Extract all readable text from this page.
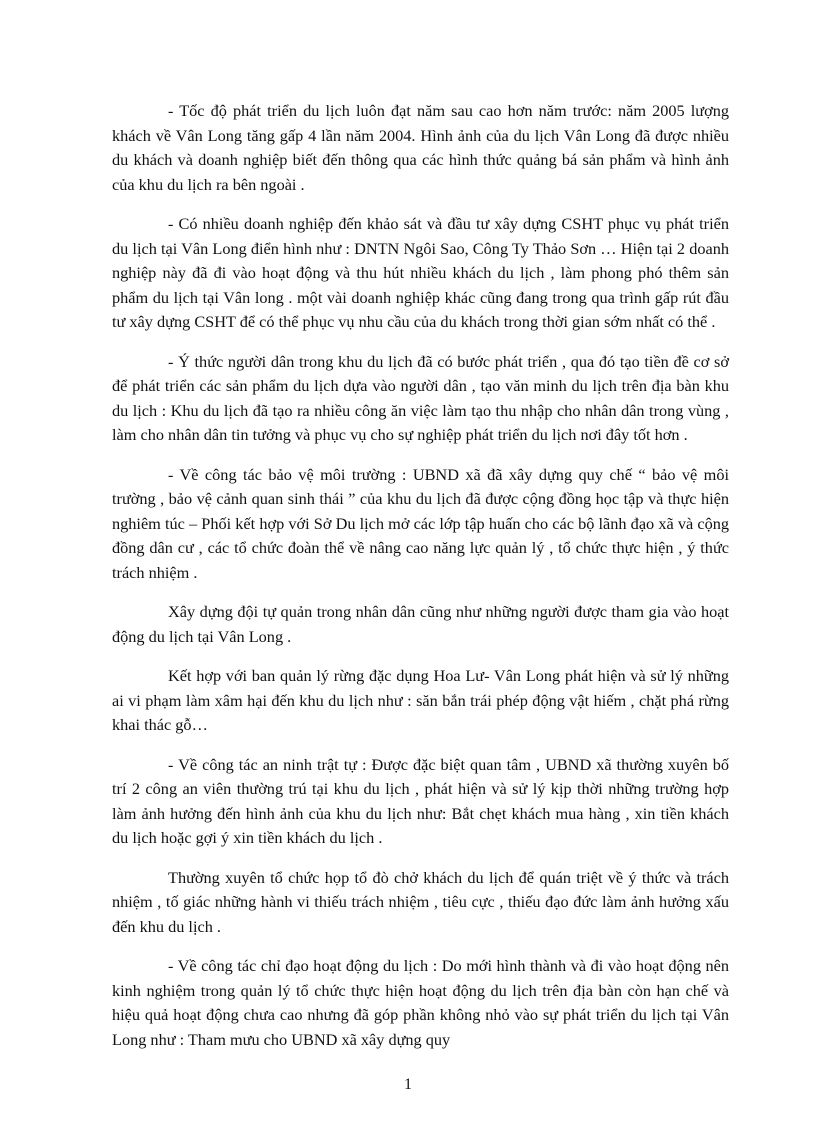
- Tốc độ phát triển du lịch luôn đạt năm sau cao hơn năm trước: năm 2005 lượng khách về Vân Long tăng gấp 4 lần năm 2004. Hình ảnh của du lịch Vân Long đã được nhiều du khách và doanh nghiệp biết đến thông qua các hình thức quảng bá sản phẩm và hình ảnh của khu du lịch ra bên ngoài .

- Có nhiều doanh nghiệp đến khảo sát và đầu tư xây dựng CSHT phục vụ phát triển du lịch tại Vân Long điển hình như : DNTN Ngôi Sao, Công Ty Thảo Sơn … Hiện tại 2 doanh nghiệp này đã đi vào hoạt động và thu hút nhiều khách du lịch , làm phong phó thêm sản phẩm du lịch tại Vân long . một vài doanh nghiệp khác cũng đang trong qua trình gấp rút đầu tư xây dựng CSHT để có thể phục vụ nhu cầu của du khách trong thời gian sớm nhất có thể .

- Ý thức người dân trong khu du lịch đã có bước phát triển , qua đó tạo tiền đề cơ sở để phát triển các sản phẩm du lịch dựa vào người dân , tạo văn minh du lịch trên địa bàn khu du lịch : Khu du lịch đã tạo ra nhiều công ăn việc làm tạo thu nhập cho nhân dân trong vùng , làm cho nhân dân tin tưởng và phục vụ cho sự nghiệp phát triển du lịch nơi đây tốt hơn .

- Về công tác bảo vệ môi trường : UBND xã đã xây dựng quy chế “ bảo vệ môi trường , bảo vệ cảnh quan sinh thái ” của khu du lịch đã được cộng đồng học tập và thực hiện nghiêm túc – Phối kết hợp với Sở Du lịch mở các lớp tập huấn cho các bộ lãnh đạo xã và cộng đồng dân cư , các tổ chức đoàn thể về nâng cao năng lực quản lý , tổ chức thực hiện , ý thức trách nhiệm .

Xây dựng đội tự quản trong nhân dân cũng như những người được tham gia vào hoạt động du lịch tại Vân Long .

Kết hợp với ban quản lý rừng đặc dụng Hoa Lư- Vân Long phát hiện và sử lý những ai vi phạm làm xâm hại đến khu du lịch như : săn bắn trái phép động vật hiếm , chặt phá rừng khai thác gỗ…

- Về công tác an ninh trật tự : Được đặc biệt quan tâm , UBND xã thường xuyên bố trí 2 công an viên thường trú tại khu du lịch , phát hiện và sử lý kịp thời những trường hợp làm ảnh hưởng đến hình ảnh của khu du lịch như: Bắt chẹt khách mua hàng , xin tiền khách du lịch hoặc gợi ý xin tiền khách du lịch .

Thường xuyên tổ chức họp tổ đò chở khách du lịch để quán triệt về ý thức và trách nhiệm , tố giác những hành vi thiếu trách nhiệm , tiêu cực , thiếu đạo đức làm ảnh hưởng xấu đến khu du lịch .

- Về công tác chỉ đạo hoạt động du lịch : Do mới hình thành và đi vào hoạt động nên kinh nghiệm trong quản lý tổ chức thực hiện hoạt động du lịch trên địa bàn còn hạn chế và hiệu quả hoạt động chưa cao nhưng đã góp phần không nhỏ vào sự phát triển du lịch tại Vân Long như : Tham mưu cho UBND xã xây dựng quy

1
